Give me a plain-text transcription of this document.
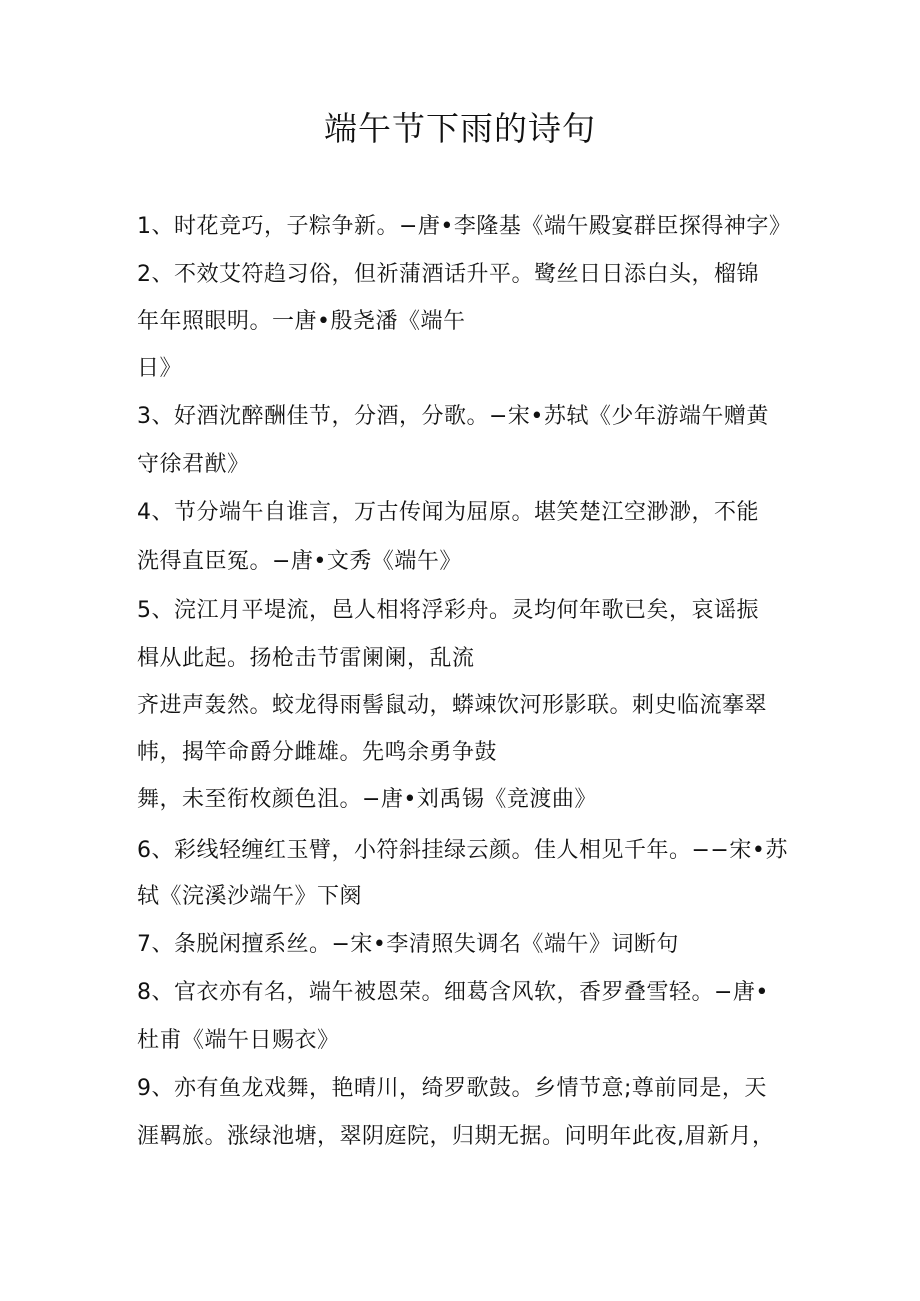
端午节下雨的诗句
1、时花竞巧，子粽争新。−唐•李隆基《端午殿宴群臣探得神字》
2、不效艾符趋习俗，但祈蒲酒话升平。鹭丝日日添白头，榴锦
年年照眼明。一唐•殷尧潘《端午
日》
3、好酒沈醉酬佳节，分酒，分歌。−宋•苏轼《少年游端午赠黄
守徐君猷》
4、节分端午自谁言，万古传闻为屈原。堪笑楚江空渺渺，不能
洗得直臣冤。−唐•文秀《端午》
5、浣江月平堤流，邑人相将浮彩舟。灵均何年歌已矣，哀谣振
楫从此起。扬枪击节雷阑阑，乱流
齐进声轰然。蛟龙得雨髻鼠动，蟒竦饮河形影联。刺史临流搴翠
帏，揭竿命爵分雌雄。先鸣余勇争鼓
舞，未至衔枚颜色沮。−唐•刘禹锡《竞渡曲》
6、彩线轻缠红玉臂，小符斜挂绿云颜。佳人相见千年。−−宋•苏
轼《浣溪沙端午》下阕
7、条脱闲擅系丝。−宋•李清照失调名《端午》词断句
8、官衣亦有名，端午被恩荣。细葛含风软，香罗叠雪轻。−唐•
杜甫《端午日赐衣》
9、亦有鱼龙戏舞，艳晴川，绮罗歌鼓。乡情节意;尊前同是，天
涯羁旅。涨绿池塘，翠阴庭院，归期无据。问明年此夜,眉新月，
